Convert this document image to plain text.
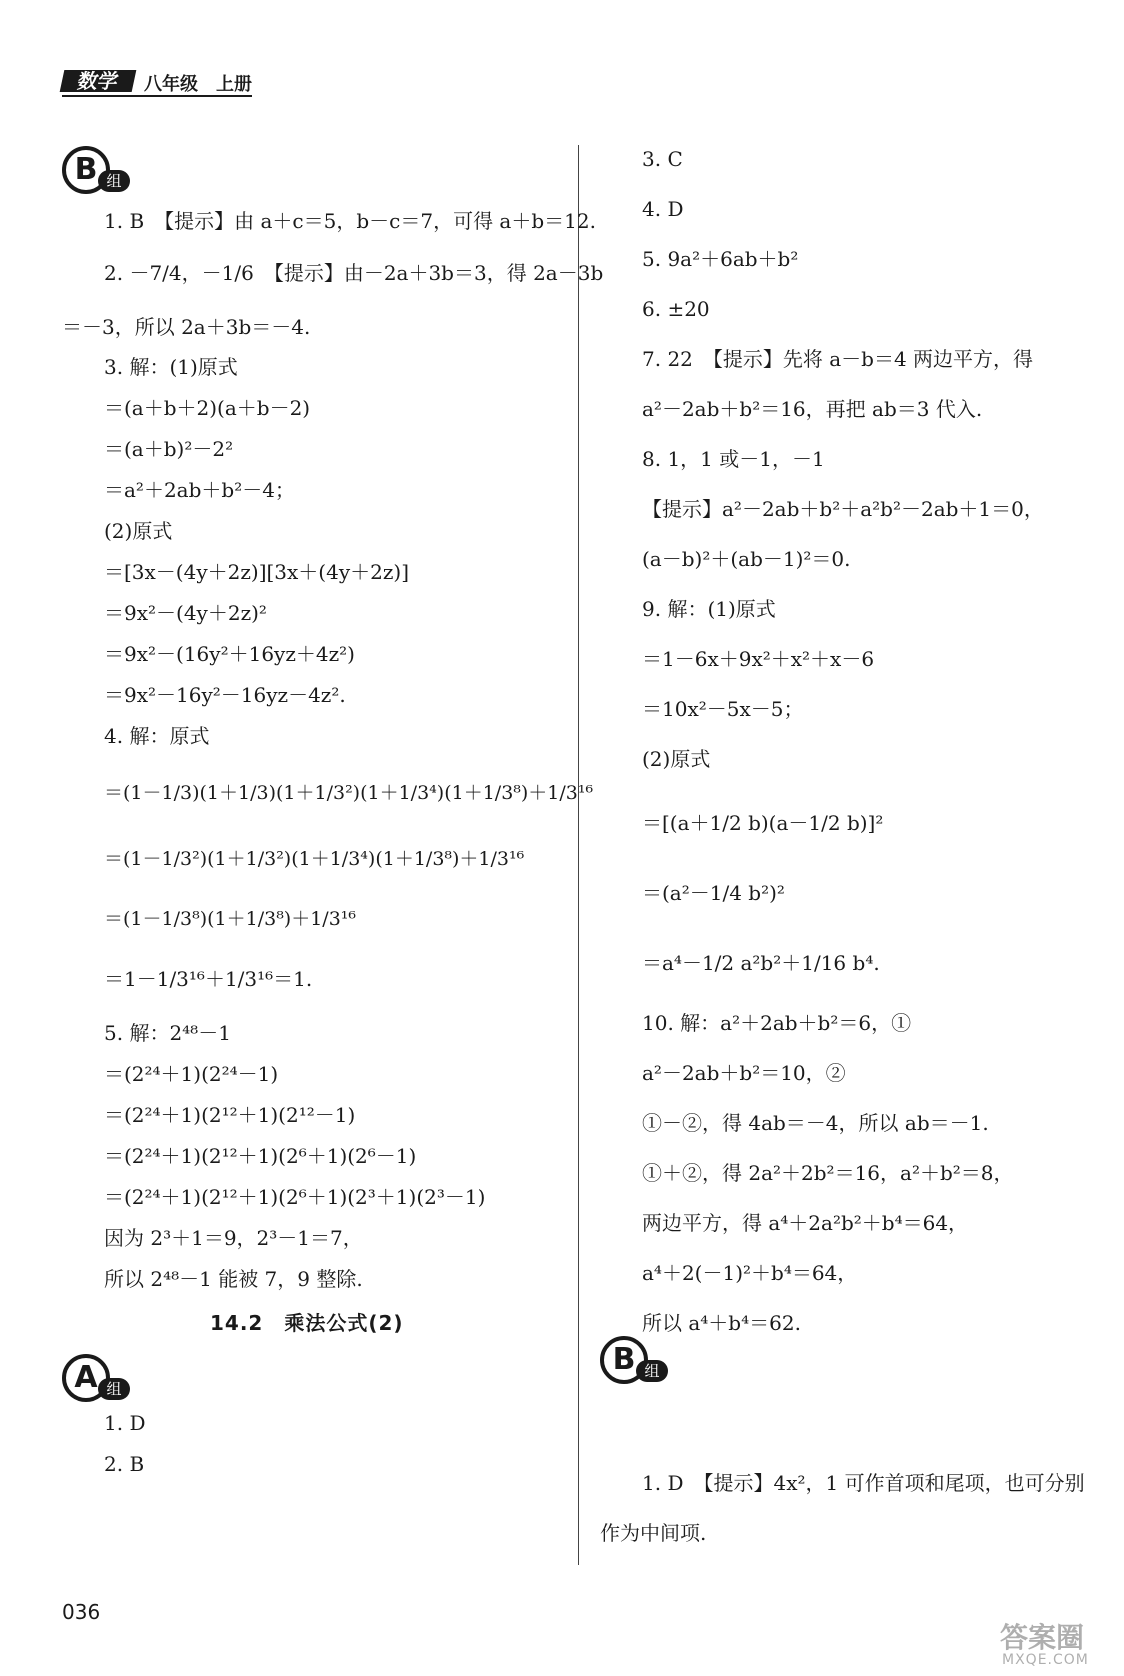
数学	八年级　上册
B 组
A 组
B 组
1. B　【提示】由 a＋c＝5，b－c＝7，可得 a＋b＝12.
2. －7/4，－1/6　【提示】由－2a＋3b＝3，得 2a－3b
＝－3，所以 2a＋3b＝－4.
3. 解：(1)原式
＝(a＋b＋2)(a＋b－2)
＝(a＋b)²－2²
＝a²＋2ab＋b²－4；
(2)原式
＝[3x－(4y＋2z)][3x＋(4y＋2z)]
＝9x²－(4y＋2z)²
＝9x²－(16y²＋16yz＋4z²)
＝9x²－16y²－16yz－4z².
4. 解：原式
＝(1－1/3)(1＋1/3)(1＋1/3²)(1＋1/3⁴)(1＋1/3⁸)＋1/3¹⁶
＝(1－1/3²)(1＋1/3²)(1＋1/3⁴)(1＋1/3⁸)＋1/3¹⁶
＝(1－1/3⁸)(1＋1/3⁸)＋1/3¹⁶
＝1－1/3¹⁶＋1/3¹⁶＝1.
5. 解：2⁴⁸－1
＝(2²⁴＋1)(2²⁴－1)
＝(2²⁴＋1)(2¹²＋1)(2¹²－1)
＝(2²⁴＋1)(2¹²＋1)(2⁶＋1)(2⁶－1)
＝(2²⁴＋1)(2¹²＋1)(2⁶＋1)(2³＋1)(2³－1)
因为 2³＋1＝9，2³－1＝7，
所以 2⁴⁸－1 能被 7，9 整除.
14.2　乘法公式(2)
1. D
2. B
3. C
4. D
5. 9a²＋6ab＋b²
6. ±20
7. 22　【提示】先将 a－b＝4 两边平方，得
a²－2ab＋b²＝16，再把 ab＝3 代入.
8. 1，1 或－1，－1
【提示】a²－2ab＋b²＋a²b²－2ab＋1＝0，
(a－b)²＋(ab－1)²＝0.
9. 解：(1)原式
＝1－6x＋9x²＋x²＋x－6
＝10x²－5x－5；
(2)原式
＝[(a＋1/2 b)(a－1/2 b)]²
＝(a²－1/4 b²)²
＝a⁴－1/2 a²b²＋1/16 b⁴.
10. 解：a²＋2ab＋b²＝6，①
a²－2ab＋b²＝10，②
①－②，得 4ab＝－4，所以 ab＝－1.
①＋②，得 2a²＋2b²＝16，a²＋b²＝8，
两边平方，得 a⁴＋2a²b²＋b⁴＝64，
a⁴＋2(－1)²＋b⁴＝64，
所以 a⁴＋b⁴＝62.
1. D　【提示】4x²，1 可作首项和尾项，也可分别
作为中间项.
036
答案圈
MXQE.COM
